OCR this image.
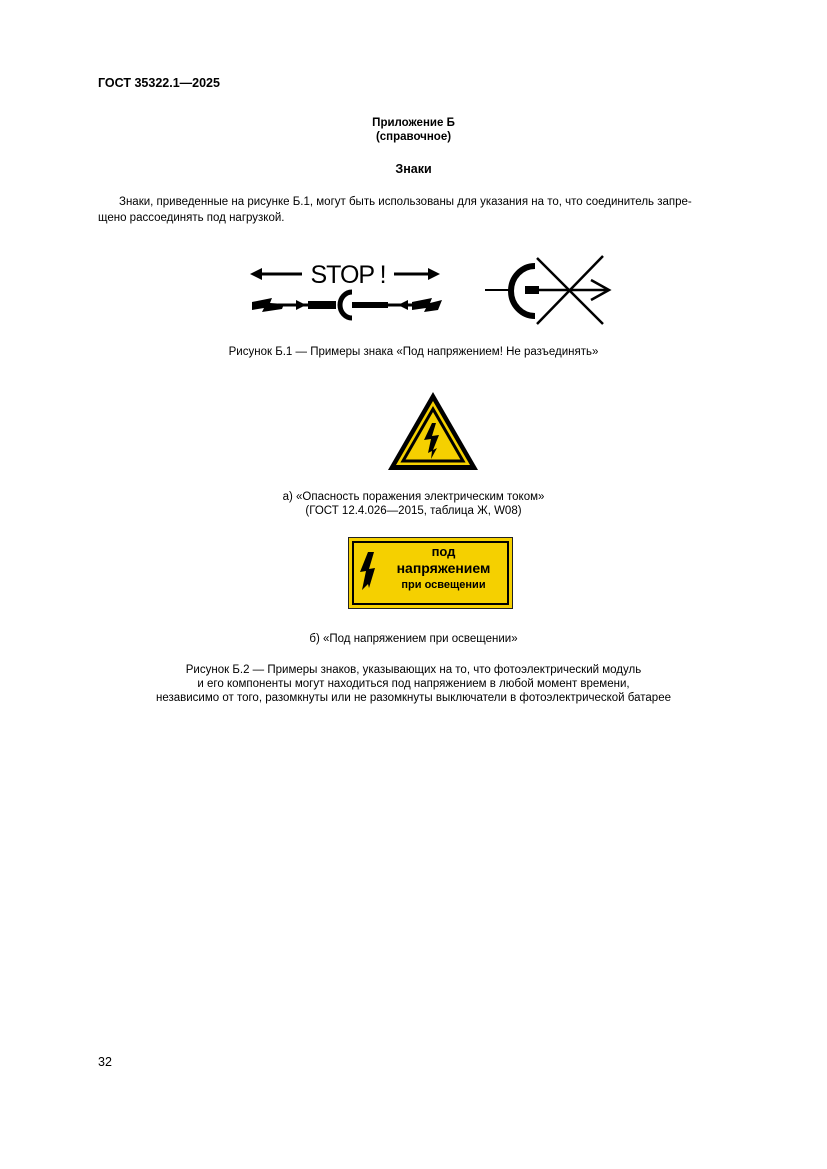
ГОСТ 35322.1—2025
Приложение Б
(справочное)
Знаки
Знаки, приведенные на рисунке Б.1, могут быть использованы для указания на то, что соединитель запре-
щено рассоединять под нагрузкой.
STOP !
Рисунок Б.1 — Примеры знака «Под напряжением! Не разъединять»
а) «Опасность поражения электрическим током»
(ГОСТ 12.4.026—2015, таблица Ж, W08)
под
напряжением
при освещении
б) «Под напряжением при освещении»
Рисунок Б.2 — Примеры знаков, указывающих на то, что фотоэлектрический модуль
и его компоненты могут находиться под напряжением в любой момент времени,
независимо от того, разомкнуты или не разомкнуты выключатели в фотоэлектрической батарее
32
